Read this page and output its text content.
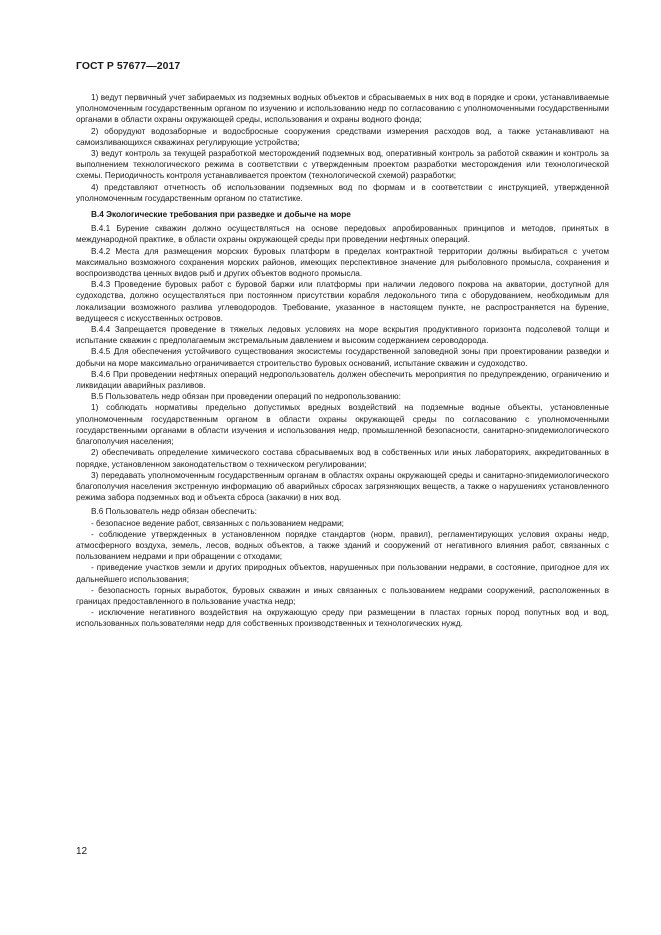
ГОСТ Р 57677—2017

1) ведут первичный учет забираемых из подземных водных объектов и сбрасываемых в них вод в порядке и сроки, устанавливаемые уполномоченным государственным органом по изучению и использованию недр по согласованию с уполномоченными государственными органами в области охраны окружающей среды, использования и охраны водного фонда;

2) оборудуют водозаборные и водосбросные сооружения средствами измерения расходов вод, а также устанавливают на самоизливающихся скважинах регулирующие устройства;

3) ведут контроль за текущей разработкой месторождений подземных вод, оперативный контроль за работой скважин и контроль за выполнением технологического режима в соответствии с утвержденным проектом разработки месторождения или технологической схемы. Периодичность контроля устанавливается проектом (технологической схемой) разработки;

4) представляют отчетность об использовании подземных вод по формам и в соответствии с инструкцией, утвержденной уполномоченным государственным органом по статистике.

В.4 Экологические требования при разведке и добыче на море

В.4.1 Бурение скважин должно осуществляться на основе передовых апробированных принципов и методов, принятых в международной практике, в области охраны окружающей среды при проведении нефтяных операций.

В.4.2 Места для размещения морских буровых платформ в пределах контрактной территории должны выбираться с учетом максимально возможного сохранения морских районов, имеющих перспективное значение для рыболовного промысла, сохранения и воспроизводства ценных видов рыб и других объектов водного промысла.

В.4.3 Проведение буровых работ с буровой баржи или платформы при наличии ледового покрова на акватории, доступной для судоходства, должно осуществляться при постоянном присутствии корабля ледокольного типа с оборудованием, необходимым для локализации возможного разлива углеводородов. Требование, указанное в настоящем пункте, не распространяется на бурение, ведущееся с искусственных островов.

В.4.4 Запрещается проведение в тяжелых ледовых условиях на море вскрытия продуктивного горизонта подсолевой толщи и испытание скважин с предполагаемым экстремальным давлением и высоким содержанием сероводорода.

В.4.5 Для обеспечения устойчивого существования экосистемы государственной заповедной зоны при проектировании разведки и добычи на море максимально ограничивается строительство буровых оснований, испытание скважин и судоходство.

В.4.6 При проведении нефтяных операций недропользователь должен обеспечить мероприятия по предупреждению, ограничению и ликвидации аварийных разливов.

В.5 Пользователь недр обязан при проведении операций по недропользованию:

1) соблюдать нормативы предельно допустимых вредных воздействий на подземные водные объекты, установленные уполномоченным государственным органом в области охраны окружающей среды по согласованию с уполномоченными государственными органами в области изучения и использования недр, промышленной безопасности, санитарно-эпидемиологического благополучия населения;

2) обеспечивать определение химического состава сбрасываемых вод в собственных или иных лабораториях, аккредитованных в порядке, установленном законодательством о техническом регулировании;

3) передавать уполномоченным государственным органам в областях охраны окружающей среды и санитарно-эпидемиологического благополучия населения экстренную информацию об аварийных сбросах загрязняющих веществ, а также о нарушениях установленного режима забора подземных вод и объекта сброса (закачки) в них вод.

В.6 Пользователь недр обязан обеспечить:

- безопасное ведение работ, связанных с пользованием недрами;

- соблюдение утвержденных в установленном порядке стандартов (норм, правил), регламентирующих условия охраны недр, атмосферного воздуха, земель, лесов, водных объектов, а также зданий и сооружений от негативного влияния работ, связанных с пользованием недрами и при обращении с отходами;

- приведение участков земли и других природных объектов, нарушенных при пользовании недрами, в состояние, пригодное для их дальнейшего использования;

- безопасность горных выработок, буровых скважин и иных связанных с пользованием недрами сооружений, расположенных в границах предоставленного в пользование участка недр;

- исключение негативного воздействия на окружающую среду при размещении в пластах горных пород попутных вод и вод, использованных пользователями недр для собственных производственных и технологических нужд.

12
